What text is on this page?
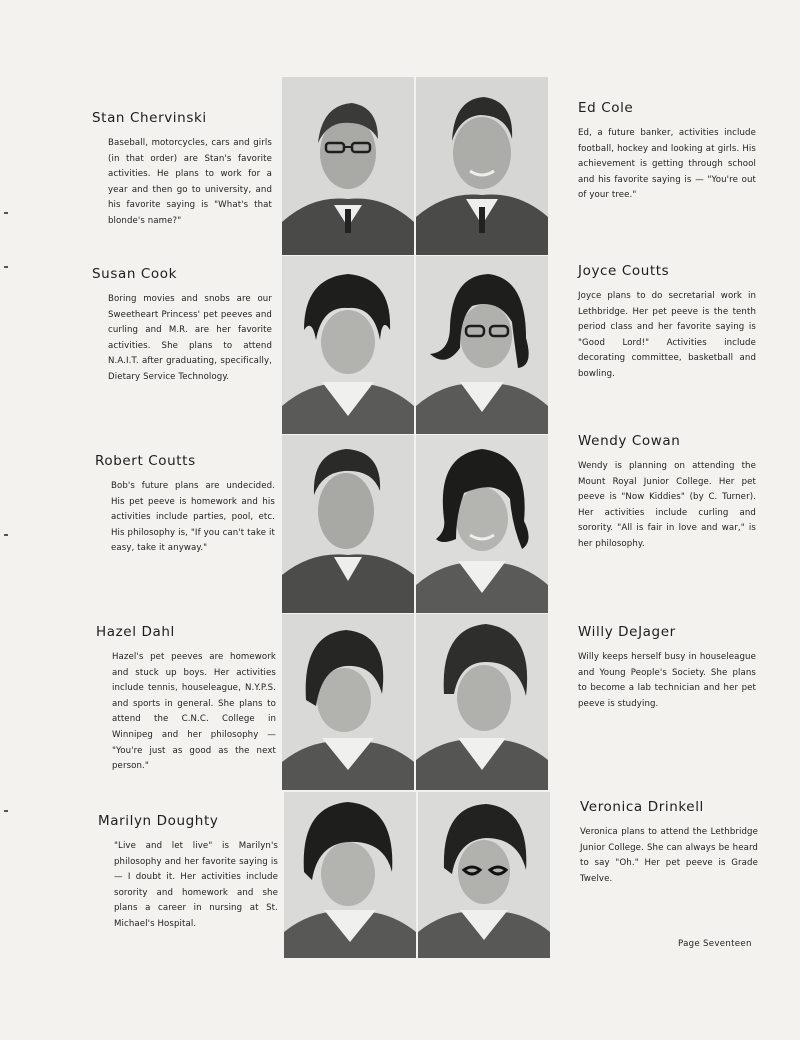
Stan Chervinski

Baseball, motorcycles, cars and girls (in that order) are Stan's favorite activities. He plans to work for a year and then go to university, and his favorite saying is "What's that blonde's name?"

Ed Cole

Ed, a future banker, activities include football, hockey and looking at girls. His achievement is getting through school and his favorite saying is — "You're out of your tree."

Susan Cook

Boring movies and snobs are our Sweetheart Princess' pet peeves and curling and M.R. are her favorite activities. She plans to attend N.A.I.T. after graduating, specifically, Dietary Service Technology.

Joyce Coutts

Joyce plans to do secretarial work in Lethbridge. Her pet peeve is the tenth period class and her favorite saying is "Good Lord!" Activities include decorating committee, basketball and bowling.

Robert Coutts

Bob's future plans are undecided. His pet peeve is homework and his activities include parties, pool, etc. His philosophy is, "If you can't take it easy, take it anyway."

Wendy Cowan

Wendy is planning on attending the Mount Royal Junior College. Her pet peeve is "Now Kiddies" (by C. Turner). Her activities include curling and sorority. "All is fair in love and war," is her philosophy.

Hazel Dahl

Hazel's pet peeves are homework and stuck up boys. Her activities include tennis, houseleague, N.Y.P.S. and sports in general. She plans to attend the C.N.C. College in Winnipeg and her philosophy — "You're just as good as the next person."

Willy DeJager

Willy keeps herself busy in houseleague and Young People's Society. She plans to become a lab technician and her pet peeve is studying.

Marilyn Doughty

"Live and let live" is Marilyn's philosophy and her favorite saying is — I doubt it. Her activities include sorority and homework and she plans a career in nursing at St. Michael's Hospital.

Veronica Drinkell

Veronica plans to attend the Lethbridge Junior College. She can always be heard to say "Oh." Her pet peeve is Grade Twelve.

Page Seventeen
